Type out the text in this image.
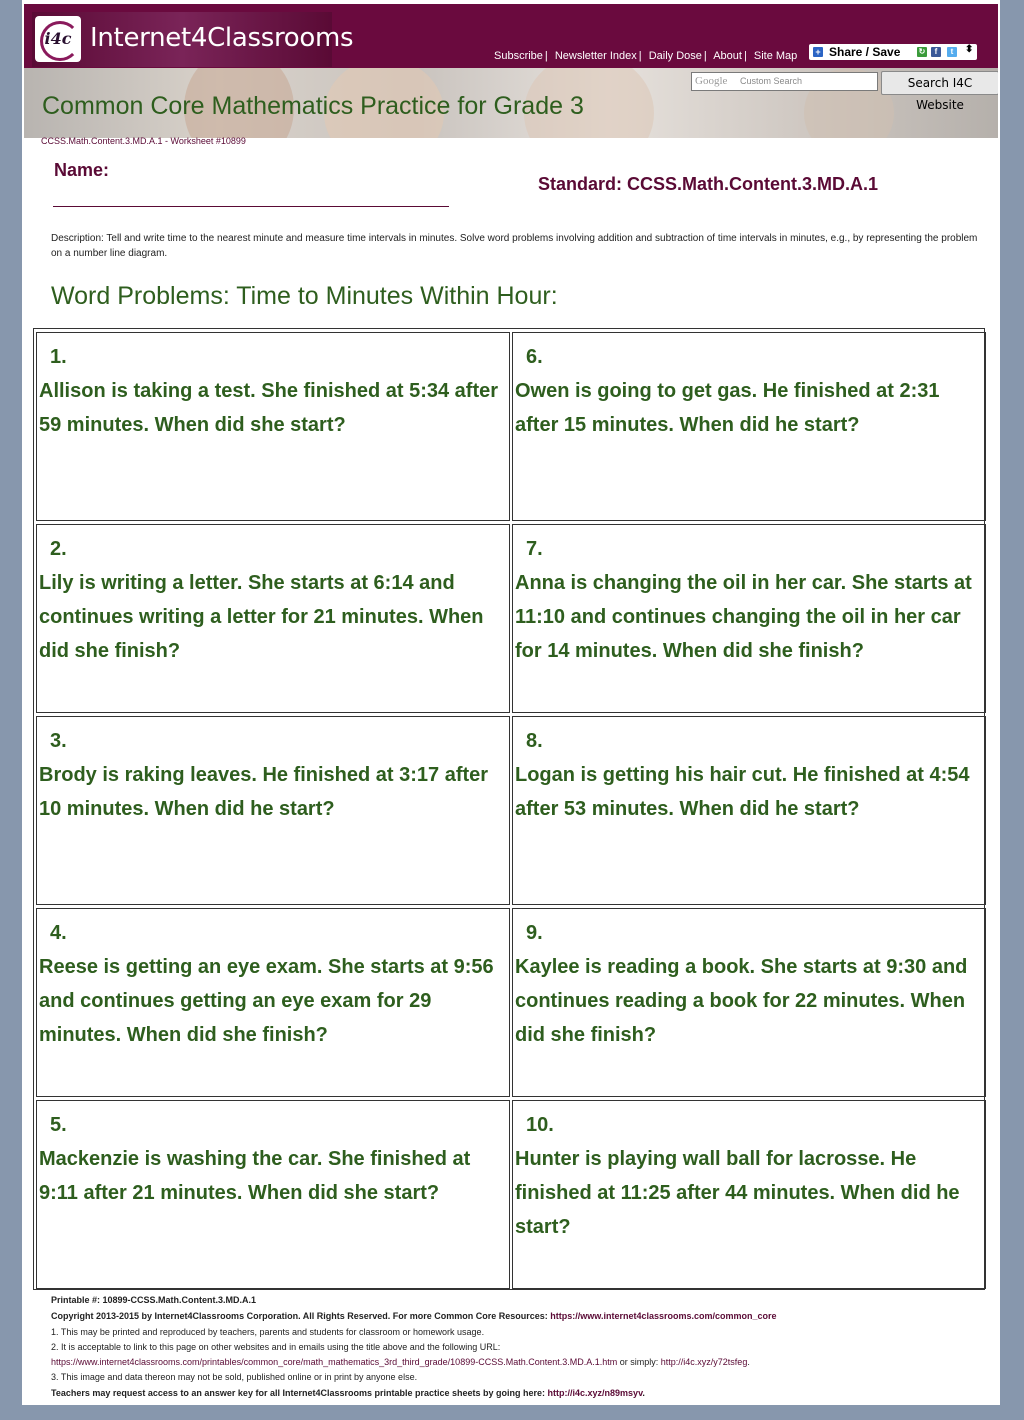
i4c Internet4Classrooms
Subscribe | Newsletter Index | Daily Dose | About | Site Map + Share / Save ↻	f	t	⬍
Common Core Mathematics Practice for Grade 3
Google Custom Search	Search I4C Website
CCSS.Math.Content.3.MD.A.1 - Worksheet #10899
Name:
Standard: CCSS.Math.Content.3.MD.A.1
Description: Tell and write time to the nearest minute and measure time intervals in minutes. Solve word problems involving addition and subtraction of time intervals in minutes, e.g., by representing the problem on a number line diagram.
Word Problems: Time to Minutes Within Hour:
1.
Allison is taking a test. She finished at 5:34 after 59 minutes. When did she start?
6.
Owen is going to get gas. He finished at 2:31 after 15 minutes. When did he start?
2.
Lily is writing a letter. She starts at 6:14 and continues writing a letter for 21 minutes. When did she finish?
7.
Anna is changing the oil in her car. She starts at 11:10 and continues changing the oil in her car for 14 minutes. When did she finish?
3.
Brody is raking leaves. He finished at 3:17 after 10 minutes. When did he start?
8.
Logan is getting his hair cut. He finished at 4:54 after 53 minutes. When did he start?
4.
Reese is getting an eye exam. She starts at 9:56 and continues getting an eye exam for 29 minutes. When did she finish?
9.
Kaylee is reading a book. She starts at 9:30 and continues reading a book for 22 minutes. When did she finish?
5.
Mackenzie is washing the car. She finished at 9:11 after 21 minutes. When did she start?
10.
Hunter is playing wall ball for lacrosse. He finished at 11:25 after 44 minutes. When did he start?
Printable #: 10899-CCSS.Math.Content.3.MD.A.1
Copyright 2013-2015 by Internet4Classrooms Corporation. All Rights Reserved. For more Common Core Resources: https://www.internet4classrooms.com/common_core
1. This may be printed and reproduced by teachers, parents and students for classroom or homework usage.
2. It is acceptable to link to this page on other websites and in emails using the title above and the following URL:
https://www.internet4classrooms.com/printables/common_core/math_mathematics_3rd_third_grade/10899-CCSS.Math.Content.3.MD.A.1.htm or simply: http://i4c.xyz/y72tsfeg.
3. This image and data thereon may not be sold, published online or in print by anyone else.
Teachers may request access to an answer key for all Internet4Classrooms printable practice sheets by going here: http://i4c.xyz/n89msyv.
